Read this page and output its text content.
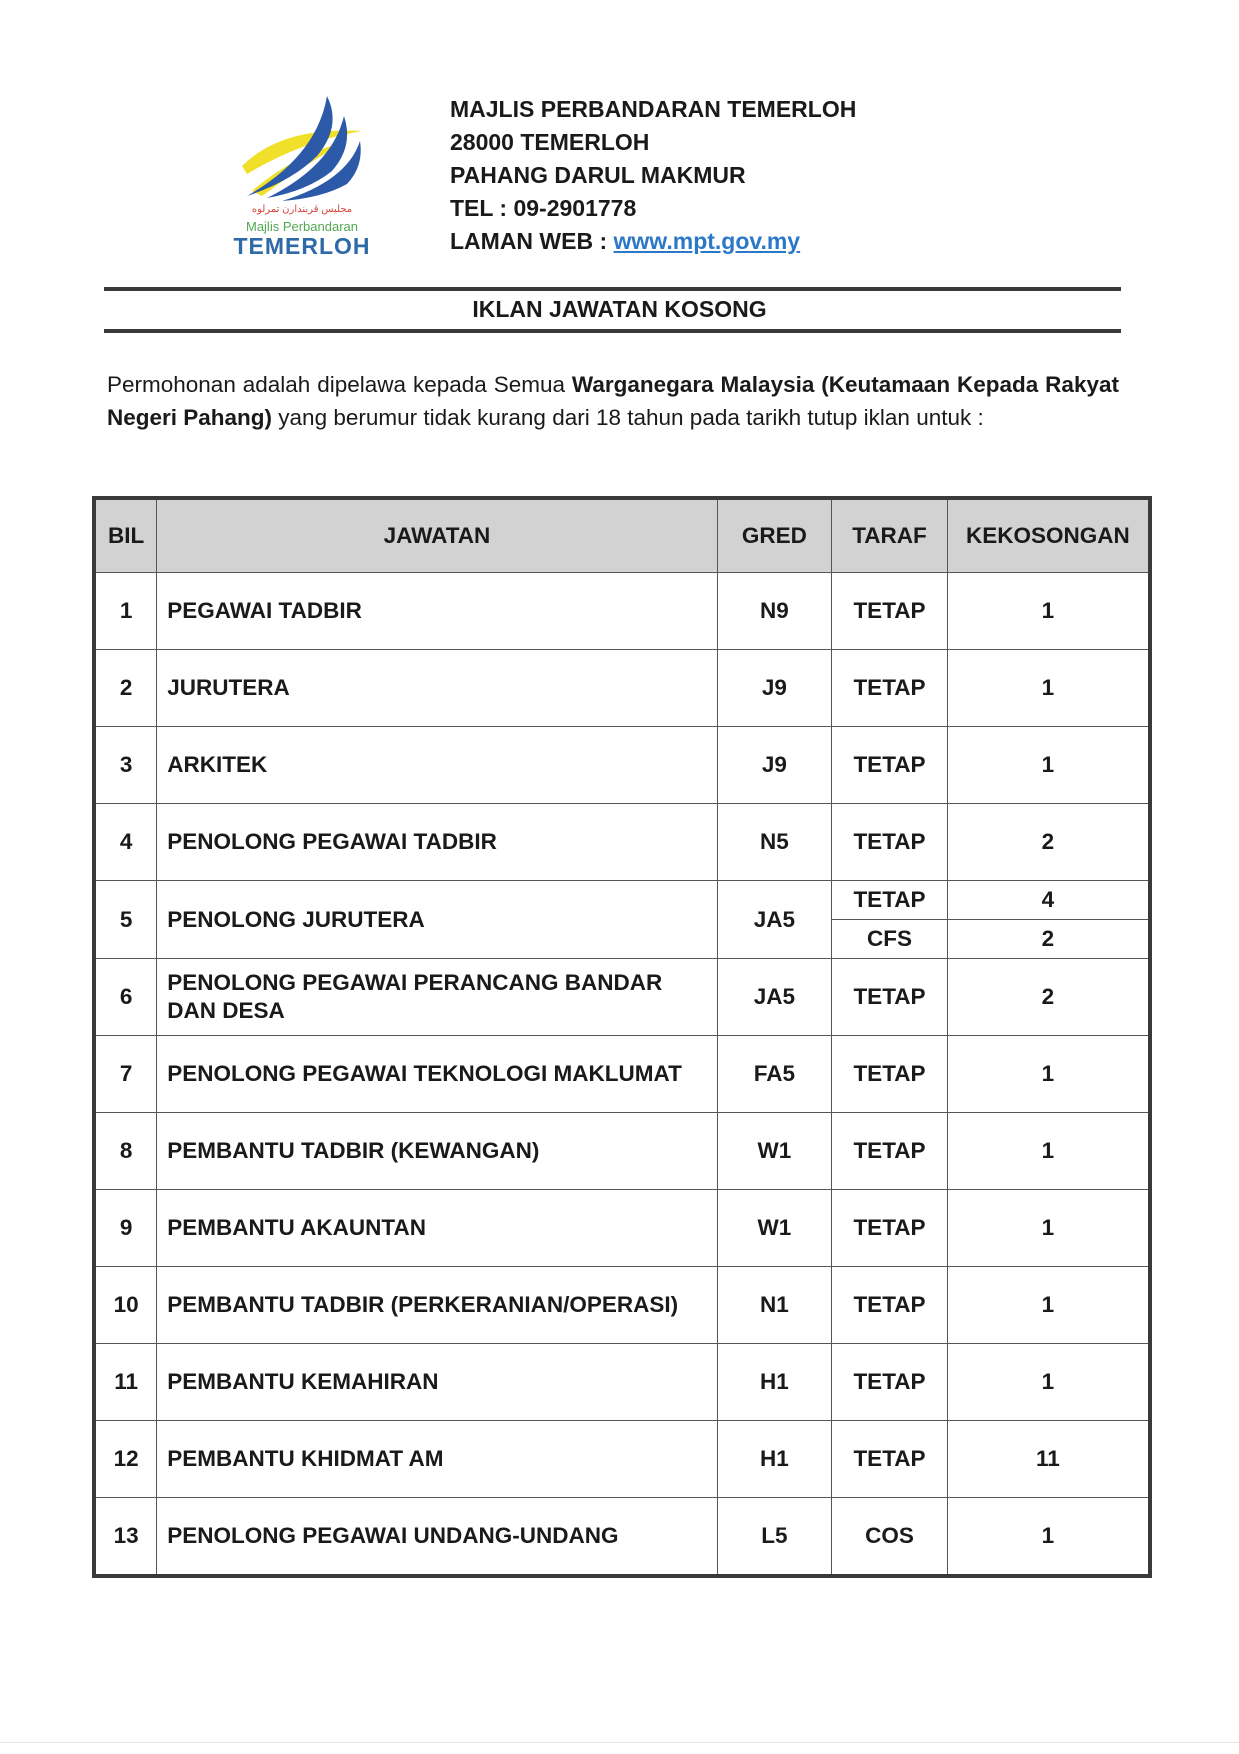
مجليس ڤربندارن تمرلوه
Majlis Perbandaran
TEMERLOH
MAJLIS PERBANDARAN TEMERLOH
28000 TEMERLOH
PAHANG DARUL MAKMUR
TEL : 09-2901778
LAMAN WEB : www.mpt.gov.my
IKLAN JAWATAN KOSONG
Permohonan adalah dipelawa kepada Semua Warganegara Malaysia (Keutamaan Kepada Rakyat Negeri Pahang) yang berumur tidak kurang dari 18 tahun pada tarikh tutup iklan untuk :
BIL	JAWATAN	GRED	TARAF	KEKOSONGAN
1	PEGAWAI TADBIR	N9	TETAP	1
2	JURUTERA	J9	TETAP	1
3	ARKITEK	J9	TETAP	1
4	PENOLONG PEGAWAI TADBIR	N5	TETAP	2
5	PENOLONG JURUTERA	JA5	TETAP	4
			CFS	2
6	PENOLONG PEGAWAI PERANCANG BANDAR DAN DESA	JA5	TETAP	2
7	PENOLONG PEGAWAI TEKNOLOGI MAKLUMAT	FA5	TETAP	1
8	PEMBANTU TADBIR (KEWANGAN)	W1	TETAP	1
9	PEMBANTU AKAUNTAN	W1	TETAP	1
10	PEMBANTU TADBIR (PERKERANIAN/OPERASI)	N1	TETAP	1
11	PEMBANTU KEMAHIRAN	H1	TETAP	1
12	PEMBANTU KHIDMAT AM	H1	TETAP	11
13	PENOLONG PEGAWAI UNDANG-UNDANG	L5	COS	1
